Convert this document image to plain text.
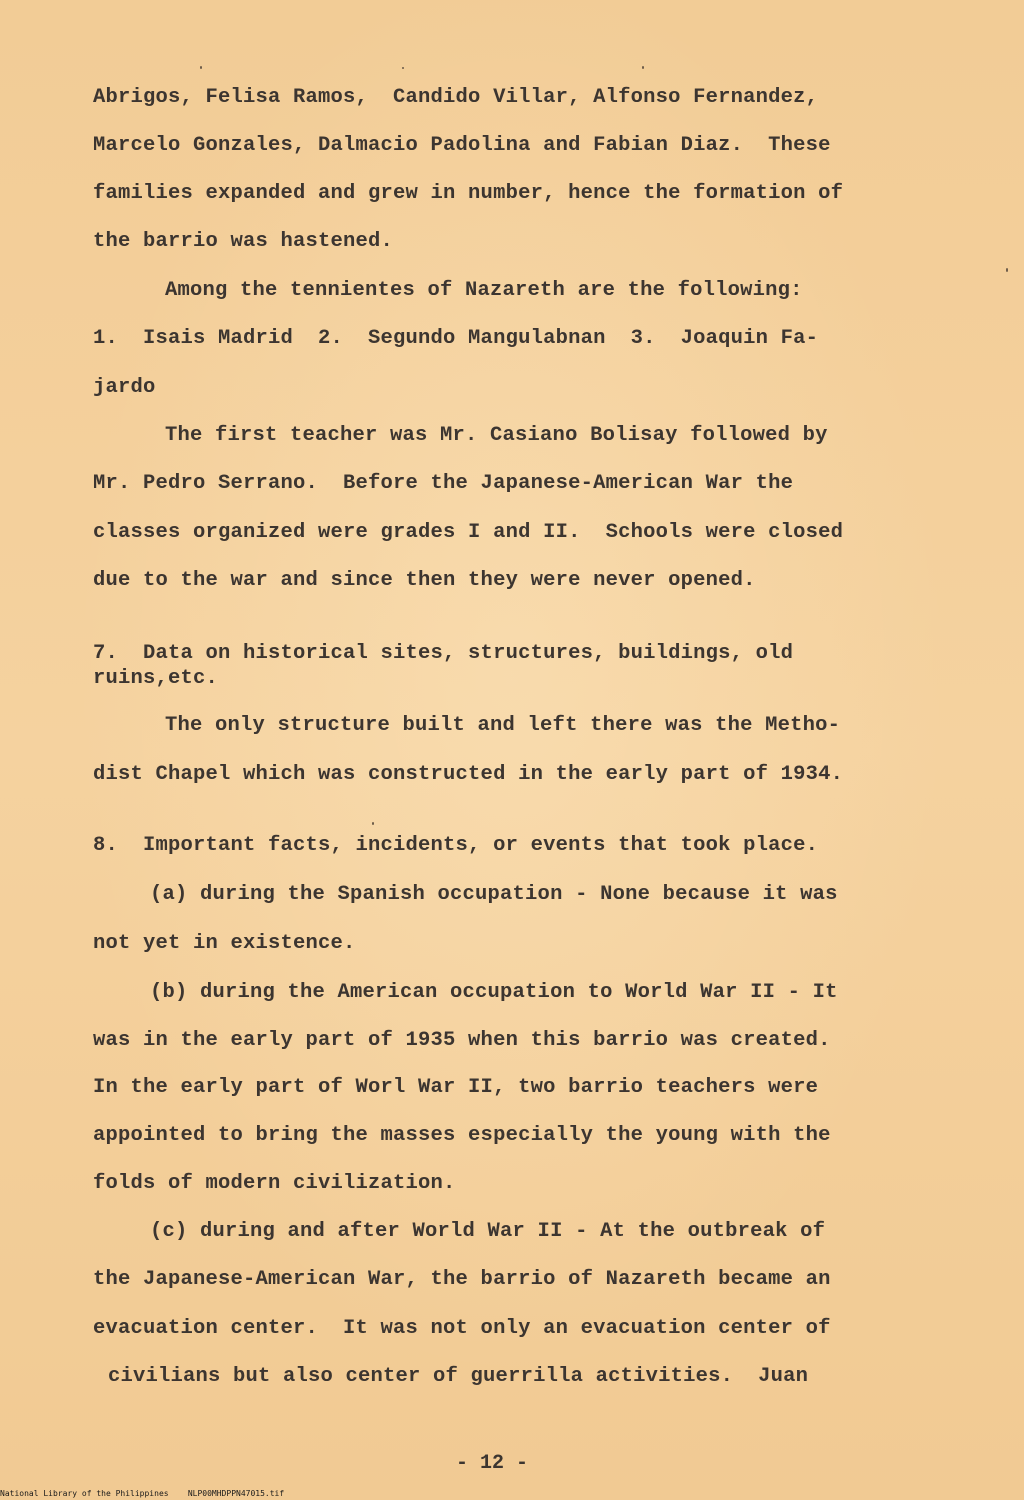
Abrigos, Felisa Ramos,  Candido Villar, Alfonso Fernandez,
Marcelo Gonzales, Dalmacio Padolina and Fabian Diaz.  These
families expanded and grew in number, hence the formation of
the barrio was hastened.
Among the tennientes of Nazareth are the following:
1.  Isais Madrid  2.  Segundo Mangulabnan  3.  Joaquin Fa-
jardo
The first teacher was Mr. Casiano Bolisay followed by
Mr. Pedro Serrano.  Before the Japanese-American War the
classes organized were grades I and II.  Schools were closed
due to the war and since then they were never opened.
7.  Data on historical sites, structures, buildings, old
ruins,etc.
The only structure built and left there was the Metho-
dist Chapel which was constructed in the early part of 1934.
8.  Important facts, incidents, or events that took place.
(a) during the Spanish occupation - None because it was
not yet in existence.
(b) during the American occupation to World War II - It
was in the early part of 1935 when this barrio was created.
In the early part of Worl War II, two barrio teachers were
appointed to bring the masses especially the young with the
folds of modern civilization.
(c) during and after World War II - At the outbreak of
the Japanese-American War, the barrio of Nazareth became an
evacuation center.  It was not only an evacuation center of
civilians but also center of guerrilla activities.  Juan
- 12 -
National Library of the Philippines    NLP00MHDPPN47015.tif
